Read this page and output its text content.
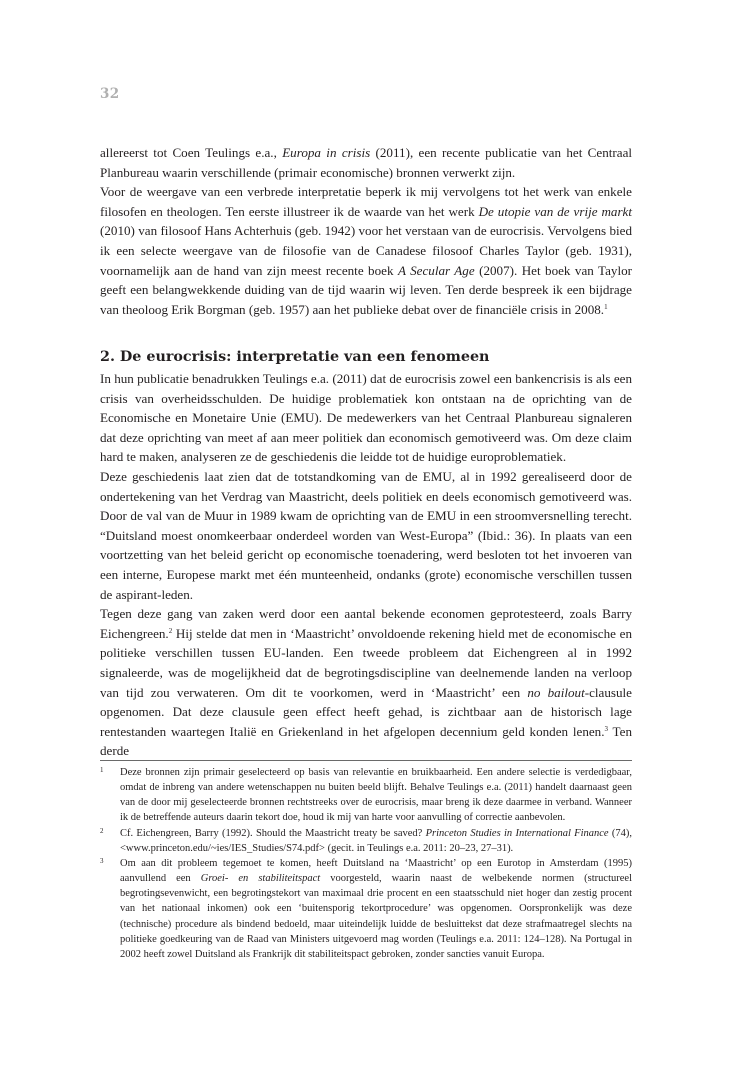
32

allereerst tot Coen Teulings e.a., Europa in crisis (2011), een recente publicatie van het Centraal Planbureau waarin verschillende (primair economische) bronnen verwerkt zijn.

Voor de weergave van een verbrede interpretatie beperk ik mij vervolgens tot het werk van enkele filosofen en theologen. Ten eerste illustreer ik de waarde van het werk De utopie van de vrije markt (2010) van filosoof Hans Achterhuis (geb. 1942) voor het verstaan van de eurocrisis. Vervolgens bied ik een selecte weergave van de filosofie van de Canadese filosoof Charles Taylor (geb. 1931), voornamelijk aan de hand van zijn meest recente boek A Secular Age (2007). Het boek van Taylor geeft een belangwekkende duiding van de tijd waarin wij leven. Ten derde bespreek ik een bijdrage van theoloog Erik Borgman (geb. 1957) aan het publieke debat over de financiële crisis in 2008.$^1$

2. De eurocrisis: interpretatie van een fenomeen

In hun publicatie benadrukken Teulings e.a. (2011) dat de eurocrisis zowel een bankencrisis is als een crisis van overheidsschulden. De huidige problematiek kon ontstaan na de oprichting van de Economische en Monetaire Unie (EMU). De medewerkers van het Centraal Planbureau signaleren dat deze oprichting van meet af aan meer politiek dan economisch gemotiveerd was. Om deze claim hard te maken, analyseren ze de geschiedenis die leidde tot de huidige europroblematiek.

Deze geschiedenis laat zien dat de totstandkoming van de EMU, al in 1992 gerealiseerd door de ondertekening van het Verdrag van Maastricht, deels politiek en deels economisch gemotiveerd was. Door de val van de Muur in 1989 kwam de oprichting van de EMU in een stroomversnelling terecht. “Duitsland moest onomkeerbaar onderdeel worden van West-Europa” (Ibid.: 36). In plaats van een voortzetting van het beleid gericht op economische toenadering, werd besloten tot het invoeren van een interne, Europese markt met één munteenheid, ondanks (grote) economische verschillen tussen de aspirant-leden.

Tegen deze gang van zaken werd door een aantal bekende economen geprotesteerd, zoals Barry Eichengreen.$^2$ Hij stelde dat men in ‘Maastricht’ onvoldoende rekening hield met de economische en politieke verschillen tussen EU-landen. Een tweede probleem dat Eichengreen al in 1992 signaleerde, was de mogelijkheid dat de begrotingsdiscipline van deelnemende landen na verloop van tijd zou verwateren. Om dit te voorkomen, werd in ‘Maastricht’ een no bailout-clausule opgenomen. Dat deze clausule geen effect heeft gehad, is zichtbaar aan de historisch lage rentestanden waartegen Italië en Griekenland in het afgelopen decennium geld konden lenen.$^3$ Ten derde

1 Deze bronnen zijn primair geselecteerd op basis van relevantie en bruikbaarheid. Een andere selectie is verdedigbaar, omdat de inbreng van andere wetenschappen nu buiten beeld blijft. Behalve Teulings e.a. (2011) handelt daarnaast geen van de door mij geselecteerde bronnen rechtstreeks over de eurocrisis, maar breng ik deze daarmee in verband. Wanneer ik de betreffende auteurs daarin tekort doe, houd ik mij van harte voor aanvulling of correctie aanbevolen.

2 Cf. Eichengreen, Barry (1992). Should the Maastricht treaty be saved? Princeton Studies in International Finance (74), <www.princeton.edu/~ies/IES_Studies/S74.pdf> (gecit. in Teulings e.a. 2011: 20–23, 27–31).

3 Om aan dit probleem tegemoet te komen, heeft Duitsland na ‘Maastricht’ op een Eurotop in Amsterdam (1995) aanvullend een Groei- en stabiliteitspact voorgesteld, waarin naast de welbekende normen (structureel begrotingsevenwicht, een begrotingstekort van maximaal drie procent en een staatsschuld niet hoger dan zestig procent van het nationaal inkomen) ook een ‘buitensporig tekortprocedure’ was opgenomen. Oorspronkelijk was deze (technische) procedure als bindend bedoeld, maar uiteindelijk luidde de besluittekst dat deze strafmaatregel slechts na politieke goedkeuring van de Raad van Ministers uitgevoerd mag worden (Teulings e.a. 2011: 124–128). Na Portugal in 2002 heeft zowel Duitsland als Frankrijk dit stabiliteitspact gebroken, zonder sancties vanuit Europa.
